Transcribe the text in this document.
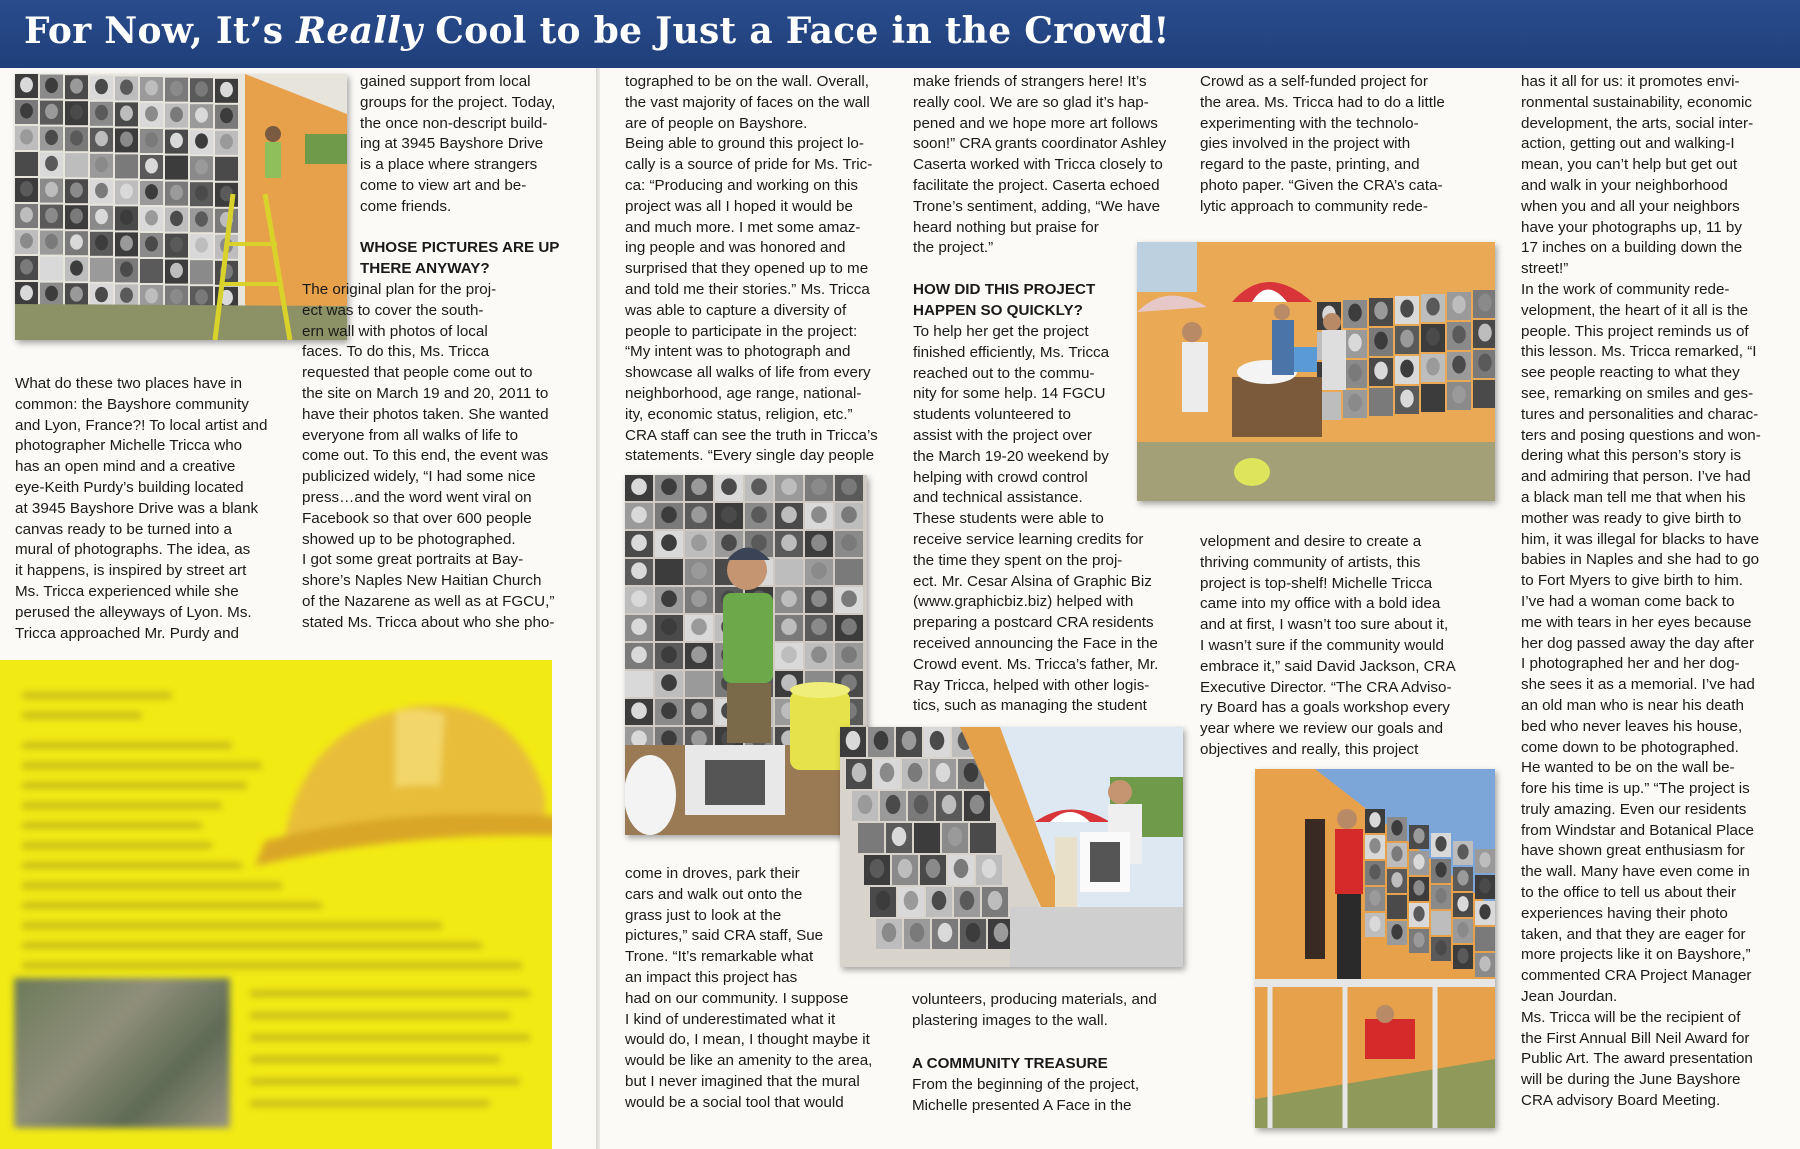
For Now, It’s Really Cool to be Just a Face in the Crowd!
What do these two places have in
common: the Bayshore community
and Lyon, France?! To local artist and
photographer Michelle Tricca who
has an open mind and a creative
eye-Keith Purdy’s building located
at 3945 Bayshore Drive was a blank
canvas ready to be turned into a
mural of photographs. The idea, as
it happens, is inspired by street art
Ms. Tricca experienced while she
perused the alleyways of Lyon. Ms.
Tricca approached Mr. Purdy and
gained support from local
groups for the project. Today,
the once non-descript build-
ing at 3945 Bayshore Drive
is a place where strangers
come to view art and be-
come friends.
WHOSE PICTURES ARE UP
THERE ANYWAY?
The original plan for the proj-
ect was to cover the south-
ern wall with photos of local
faces. To do this, Ms. Tricca
requested that people come out to
the site on March 19 and 20, 2011 to
have their photos taken. She wanted
everyone from all walks of life to
come out. To this end, the event was
publicized widely, “I had some nice
press…and the word went viral on
Facebook so that over 600 people
showed up to be photographed.
I got some great portraits at Bay-
shore’s Naples New Haitian Church
of the Nazarene as well as at FGCU,”
stated Ms. Tricca about who she pho-
tographed to be on the wall. Overall,
the vast majority of faces on the wall
are of people on Bayshore.
Being able to ground this project lo-
cally is a source of pride for Ms. Tric-
ca: “Producing and working on this
project was all I hoped it would be
and much more. I met some amaz-
ing people and was honored and
surprised that they opened up to me
and told me their stories.” Ms. Tricca
was able to capture a diversity of
people to participate in the project:
“My intent was to photograph and
showcase all walks of life from every
neighborhood, age range, national-
ity, economic status, religion, etc.”
CRA staff can see the truth in Tricca’s
statements. “Every single day people
come in droves, park their
cars and walk out onto the
grass just to look at the
pictures,” said CRA staff, Sue
Trone. “It’s remarkable what
an impact this project has
had on our community. I suppose
I kind of underestimated what it
would do, I mean, I thought maybe it
would be like an amenity to the area,
but I never imagined that the mural
would be a social tool that would
make friends of strangers here! It’s
really cool. We are so glad it’s hap-
pened and we hope more art follows
soon!” CRA grants coordinator Ashley
Caserta worked with Tricca closely to
facilitate the project. Caserta echoed
Trone’s sentiment, adding, “We have
heard nothing but praise for
the project.”
HOW DID THIS PROJECT
HAPPEN SO QUICKLY?
To help her get the project
finished efficiently, Ms. Tricca
reached out to the commu-
nity for some help. 14 FGCU
students volunteered to
assist with the project over
the March 19-20 weekend by
helping with crowd control
and technical assistance.
These students were able to
receive service learning credits for
the time they spent on the proj-
ect. Mr. Cesar Alsina of Graphic Biz
(www.graphicbiz.biz) helped with
preparing a postcard CRA residents
received announcing the Face in the
Crowd event. Ms. Tricca’s father, Mr.
Ray Tricca, helped with other logis-
tics, such as managing the student
volunteers, producing materials, and
plastering images to the wall.
A COMMUNITY TREASURE
From the beginning of the project,
Michelle presented A Face in the
Crowd as a self-funded project for
the area. Ms. Tricca had to do a little
experimenting with the technolo-
gies involved in the project with
regard to the paste, printing, and
photo paper. “Given the CRA’s cata-
lytic approach to community rede-
velopment and desire to create a
thriving community of artists, this
project is top-shelf! Michelle Tricca
came into my office with a bold idea
and at first, I wasn’t too sure about it,
I wasn’t sure if the community would
embrace it,” said David Jackson, CRA
Executive Director. “The CRA Adviso-
ry Board has a goals workshop every
year where we review our goals and
objectives and really, this project
has it all for us: it promotes envi-
ronmental sustainability, economic
development, the arts, social inter-
action, getting out and walking-I
mean, you can’t help but get out
and walk in your neighborhood
when you and all your neighbors
have your photographs up, 11 by
17 inches on a building down the
street!”
In the work of community rede-
velopment, the heart of it all is the
people. This project reminds us of
this lesson. Ms. Tricca remarked, “I
see people reacting to what they
see, remarking on smiles and ges-
tures and personalities and charac-
ters and posing questions and won-
dering what this person’s story is
and admiring that person. I’ve had
a black man tell me that when his
mother was ready to give birth to
him, it was illegal for blacks to have
babies in Naples and she had to go
to Fort Myers to give birth to him.
I’ve had a woman come back to
me with tears in her eyes because
her dog passed away the day after
I photographed her and her dog-
she sees it as a memorial. I’ve had
an old man who is near his death
bed who never leaves his house,
come down to be photographed.
He wanted to be on the wall be-
fore his time is up.” “The project is
truly amazing. Even our residents
from Windstar and Botanical Place
have shown great enthusiasm for
the wall. Many have even come in
to the office to tell us about their
experiences having their photo
taken, and that they are eager for
more projects like it on Bayshore,”
commented CRA Project Manager
Jean Jourdan.
Ms. Tricca will be the recipient of
the First Annual Bill Neil Award for
Public Art. The award presentation
will be during the June Bayshore
CRA advisory Board Meeting.
